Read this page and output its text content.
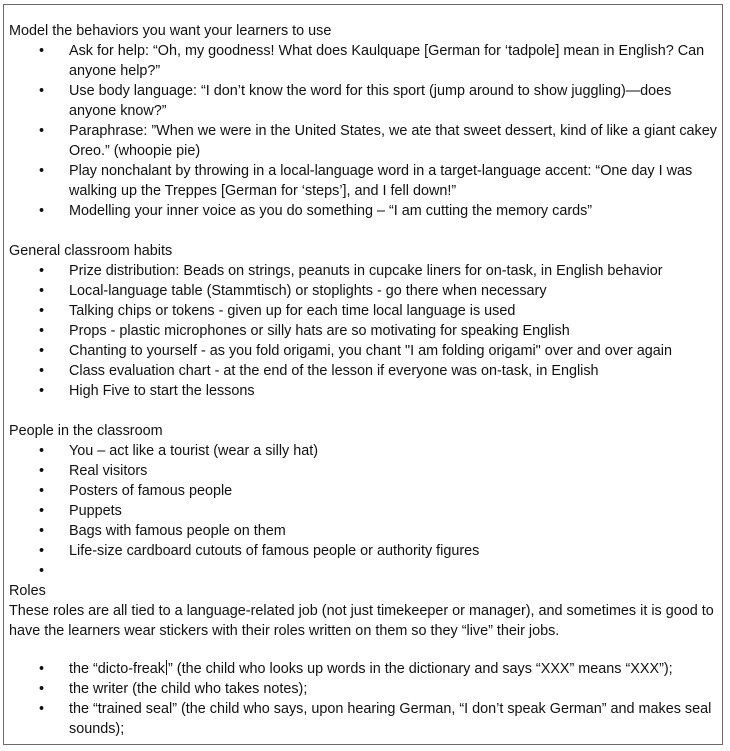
Model the behaviors you want your learners to use
• Ask for help: “Oh, my goodness! What does Kaulquape [German for ‘tadpole] mean in English? Can anyone help?”
• Use body language: “I don’t know the word for this sport (jump around to show juggling)—does anyone know?”
• Paraphrase: ”When we were in the United States, we ate that sweet dessert, kind of like a giant cakey Oreo.” (whoopie pie)
• Play nonchalant by throwing in a local-language word in a target-language accent: “One day I was walking up the Treppes [German for ‘steps’], and I fell down!”
• Modelling your inner voice as you do something – “I am cutting the memory cards”
General classroom habits
• Prize distribution: Beads on strings, peanuts in cupcake liners for on-task, in English behavior
• Local-language table (Stammtisch) or stoplights - go there when necessary
• Talking chips or tokens - given up for each time local language is used
• Props - plastic microphones or silly hats are so motivating for speaking English
• Chanting to yourself - as you fold origami, you chant "I am folding origami" over and over again
• Class evaluation chart - at the end of the lesson if everyone was on-task, in English
• High Five to start the lessons
People in the classroom
• You – act like a tourist (wear a silly hat)
• Real visitors
• Posters of famous people
• Puppets
• Bags with famous people on them
• Life-size cardboard cutouts of famous people or authority figures
•
Roles
These roles are all tied to a language-related job (not just timekeeper or manager), and sometimes it is good to have the learners wear stickers with their roles written on them so they “live” their jobs.
• the “dicto-freak ” (the child who looks up words in the dictionary and says “XXX” means “XXX”);
• the writer (the child who takes notes);
• the “trained seal” (the child who says, upon hearing German, “I don’t speak German” and makes seal sounds);
